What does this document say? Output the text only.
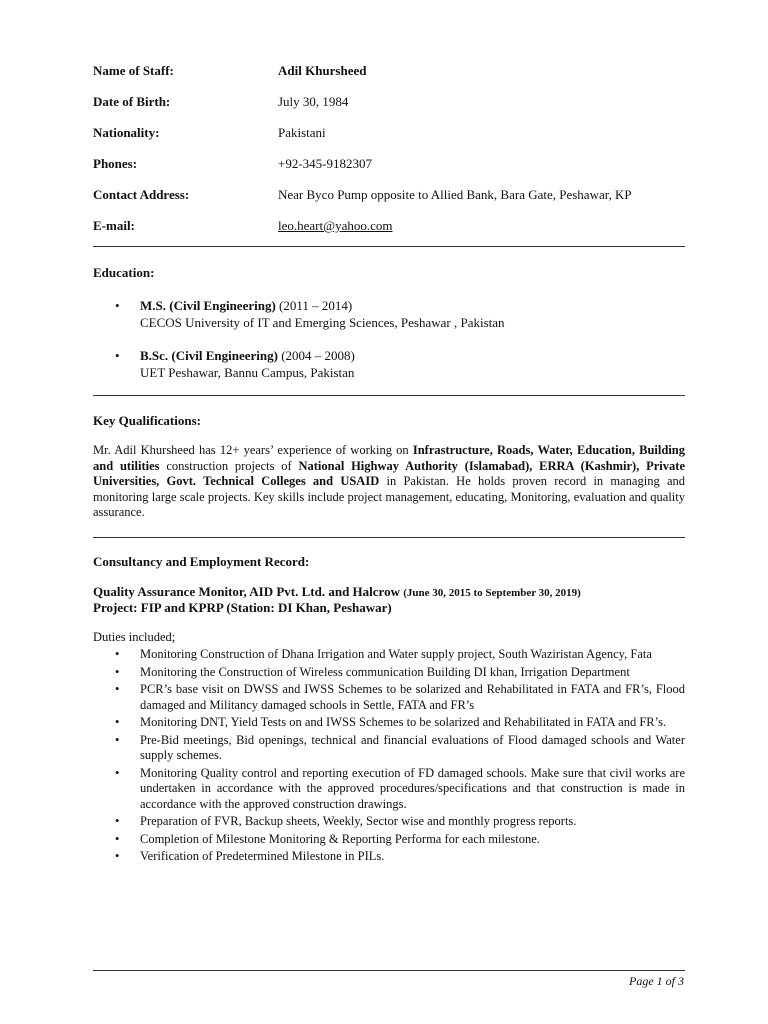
Name of Staff:	Adil Khursheed
Date of Birth:	July 30, 1984
Nationality:	Pakistani
Phones:	+92-345-9182307
Contact Address:	Near Byco Pump opposite to Allied Bank, Bara Gate, Peshawar, KP
E-mail:	leo.heart@yahoo.com
Education:
• M.S. (Civil Engineering) (2011 – 2014)
CECOS University of IT and Emerging Sciences, Peshawar , Pakistan
• B.Sc. (Civil Engineering) (2004 – 2008)
UET Peshawar, Bannu Campus, Pakistan
Key Qualifications:
Mr. Adil Khursheed has 12+ years’ experience of working on Infrastructure, Roads, Water, Education, Building and utilities construction projects of National Highway Authority (Islamabad), ERRA (Kashmir), Private Universities, Govt. Technical Colleges and USAID in Pakistan. He holds proven record in managing and monitoring large scale projects. Key skills include project management, educating, Monitoring, evaluation and quality assurance.
Consultancy and Employment Record:
Quality Assurance Monitor, AID Pvt. Ltd. and Halcrow (June 30, 2015 to September 30, 2019)
Project: FIP and KPRP (Station: DI Khan, Peshawar)
Duties included;
• Monitoring Construction of Dhana Irrigation and Water supply project, South Waziristan Agency, Fata
• Monitoring the Construction of Wireless communication Building DI khan, Irrigation Department
• PCR’s base visit on DWSS and IWSS Schemes to be solarized and Rehabilitated in FATA and FR’s, Flood damaged and Militancy damaged schools in Settle, FATA and FR’s
• Monitoring DNT, Yield Tests on and IWSS Schemes to be solarized and Rehabilitated in FATA and FR’s.
• Pre-Bid meetings, Bid openings, technical and financial evaluations of Flood damaged schools and Water supply schemes.
• Monitoring Quality control and reporting execution of FD damaged schools. Make sure that civil works are undertaken in accordance with the approved procedures/specifications and that construction is made in accordance with the approved construction drawings.
• Preparation of FVR, Backup sheets, Weekly, Sector wise and monthly progress reports.
• Completion of Milestone Monitoring & Reporting Performa for each milestone.
• Verification of Predetermined Milestone in PILs.
Page 1 of 3
